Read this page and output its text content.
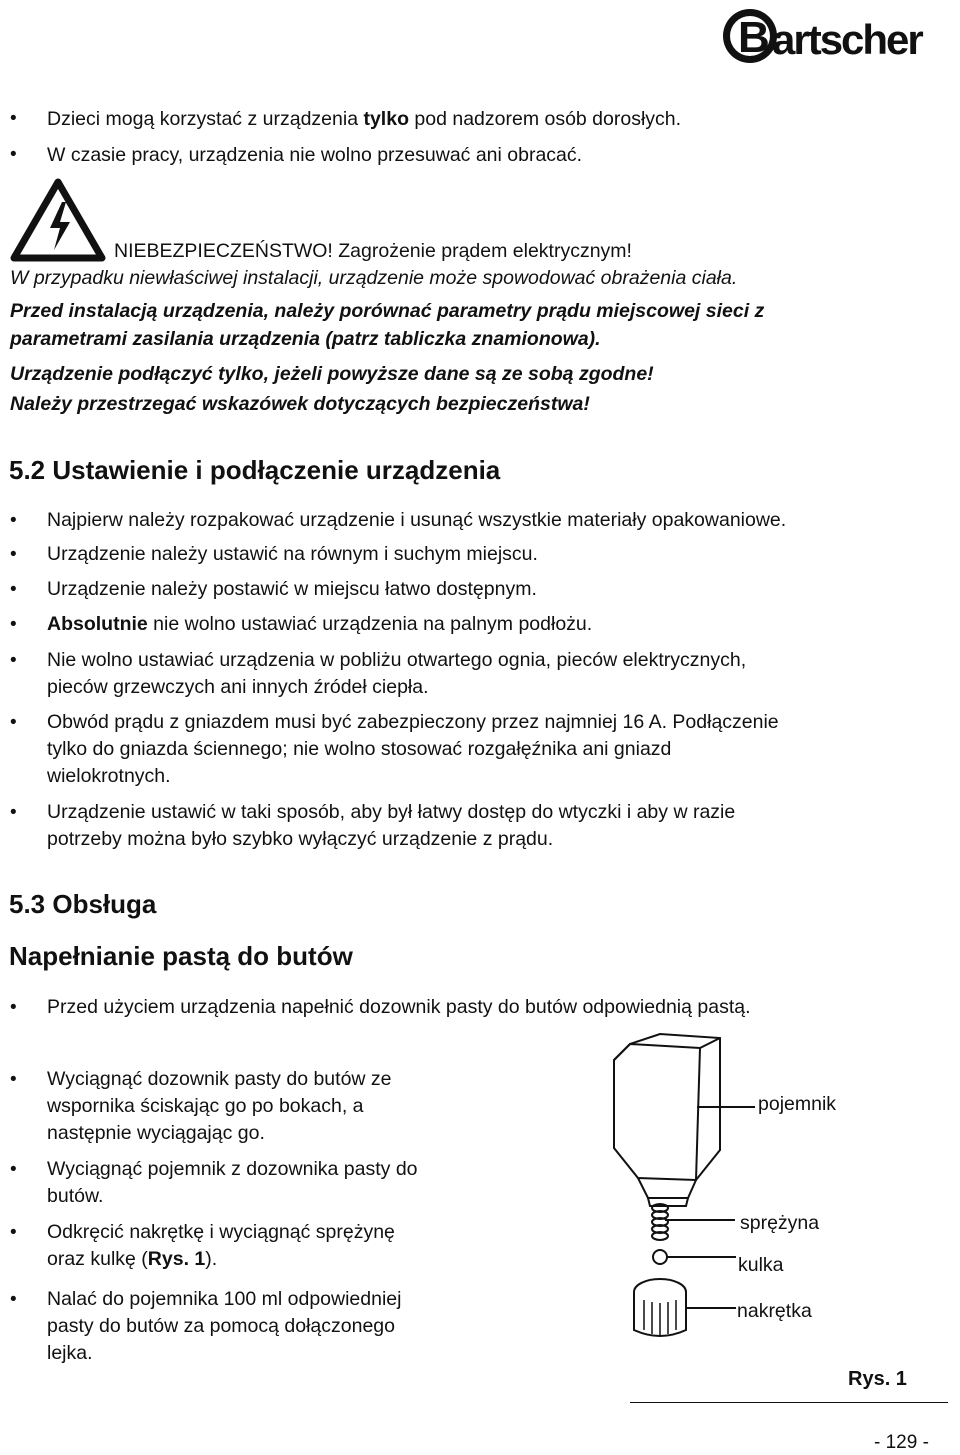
B artscher
• Dzieci mogą korzystać z urządzenia tylko pod nadzorem osób dorosłych.
• W czasie pracy, urządzenia nie wolno przesuwać ani obracać.
NIEBEZPIECZEŃSTWO! Zagrożenie prądem elektrycznym!
W przypadku niewłaściwej instalacji, urządzenie może spowodować obrażenia ciała.
Przed instalacją urządzenia, należy porównać parametry prądu miejscowej sieci z
parametrami zasilania urządzenia (patrz tabliczka znamionowa).
Urządzenie podłączyć tylko, jeżeli powyższe dane są ze sobą zgodne!
Należy przestrzegać wskazówek dotyczących bezpieczeństwa!
5.2 Ustawienie i podłączenie urządzenia
• Najpierw należy rozpakować urządzenie i usunąć wszystkie materiały opakowaniowe.
• Urządzenie należy ustawić na równym i suchym miejscu.
• Urządzenie należy postawić w miejscu łatwo dostępnym.
• Absolutnie nie wolno ustawiać urządzenia na palnym podłożu.
• Nie wolno ustawiać urządzenia w pobliżu otwartego ognia, pieców elektrycznych,
pieców grzewczych ani innych źródeł ciepła.
• Obwód prądu z gniazdem musi być zabezpieczony przez najmniej 16 A. Podłączenie
tylko do gniazda ściennego; nie wolno stosować rozgałęźnika ani gniazd
wielokrotnych.
• Urządzenie ustawić w taki sposób, aby był łatwy dostęp do wtyczki i aby w razie
potrzeby można było szybko wyłączyć urządzenie z prądu.
5.3 Obsługa
Napełnianie pastą do butów
• Przed użyciem urządzenia napełnić dozownik pasty do butów odpowiednią pastą.
• Wyciągnąć dozownik pasty do butów ze
wspornika ściskając go po bokach, a
następnie wyciągając go.
• Wyciągnąć pojemnik z dozownika pasty do
butów.
• Odkręcić nakrętkę i wyciągnąć sprężynę
oraz kulkę (Rys. 1).
• Nalać do pojemnika 100 ml odpowiedniej
pasty do butów za pomocą dołączonego
lejka.
pojemnik
sprężyna
kulka
nakrętka
Rys. 1
- 129 -
